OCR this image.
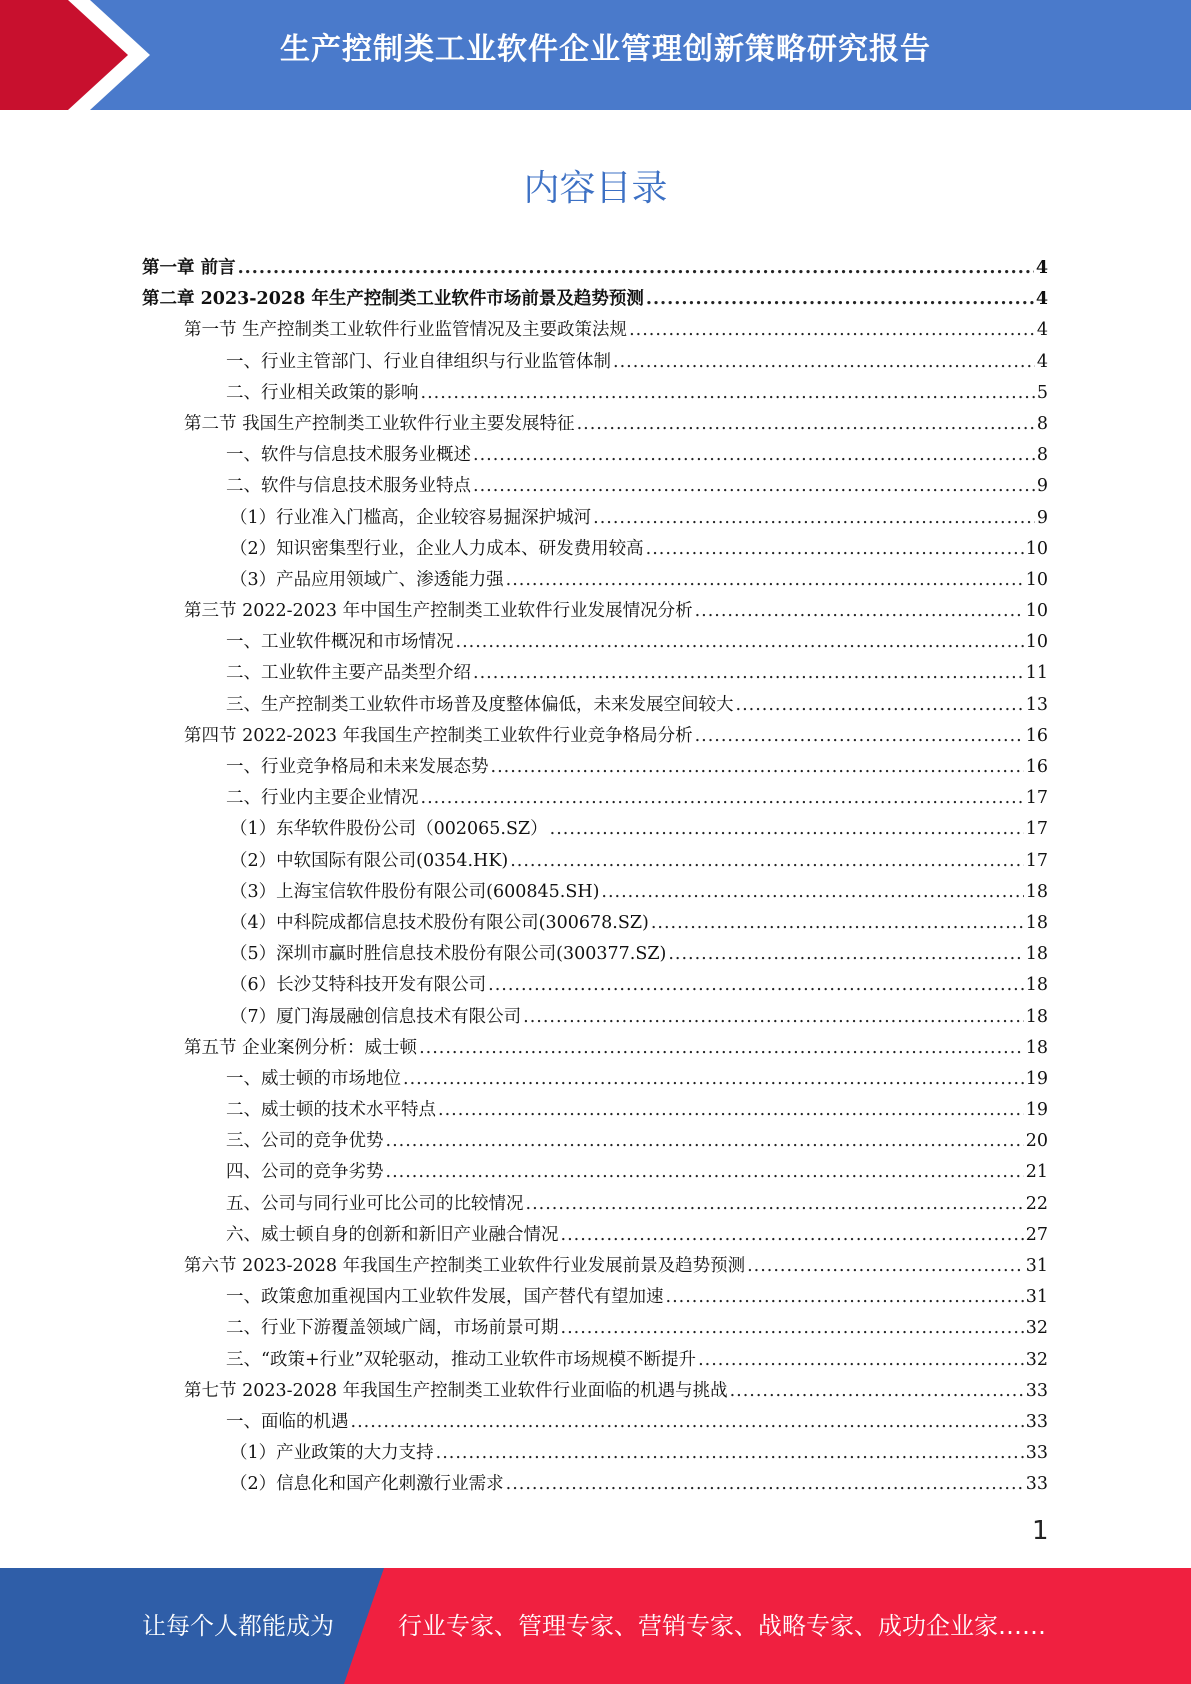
生产控制类工业软件企业管理创新策略研究报告
内容目录
第一章 前言 .....	4
第二章 2023-2028 年生产控制类工业软件市场前景及趋势预测 .....	4
第一节 生产控制类工业软件行业监管情况及主要政策法规 .....	4
一、行业主管部门、行业自律组织与行业监管体制 .....	4
二、行业相关政策的影响 .....	5
第二节 我国生产控制类工业软件行业主要发展特征 .....	8
一、软件与信息技术服务业概述 .....	8
二、软件与信息技术服务业特点 .....	9
（1）行业准入门槛高，企业较容易掘深护城河 .....	9
（2）知识密集型行业，企业人力成本、研发费用较高 .....	10
（3）产品应用领域广、渗透能力强 .....	10
第三节 2022-2023 年中国生产控制类工业软件行业发展情况分析 .....	10
一、工业软件概况和市场情况 .....	10
二、工业软件主要产品类型介绍 .....	11
三、生产控制类工业软件市场普及度整体偏低，未来发展空间较大 .....	13
第四节 2022-2023 年我国生产控制类工业软件行业竞争格局分析 .....	16
一、行业竞争格局和未来发展态势 .....	16
二、行业内主要企业情况 .....	17
（1）东华软件股份公司（002065.SZ） .....	17
（2）中软国际有限公司(0354.HK) .....	17
（3）上海宝信软件股份有限公司(600845.SH) .....	18
（4）中科院成都信息技术股份有限公司(300678.SZ) .....	18
（5）深圳市赢时胜信息技术股份有限公司(300377.SZ) .....	18
（6）长沙艾特科技开发有限公司 .....	18
（7）厦门海晟融创信息技术有限公司 .....	18
第五节 企业案例分析：威士顿 .....	18
一、威士顿的市场地位 .....	19
二、威士顿的技术水平特点 .....	19
三、公司的竞争优势 .....	20
四、公司的竞争劣势 .....	21
五、公司与同行业可比公司的比较情况 .....	22
六、威士顿自身的创新和新旧产业融合情况 .....	27
第六节 2023-2028 年我国生产控制类工业软件行业发展前景及趋势预测 .....	31
一、政策愈加重视国内工业软件发展，国产替代有望加速 .....	31
二、行业下游覆盖领域广阔，市场前景可期 .....	32
三、“政策+行业”双轮驱动，推动工业软件市场规模不断提升 .....	32
第七节 2023-2028 年我国生产控制类工业软件行业面临的机遇与挑战 .....	33
一、面临的机遇 .....	33
（1）产业政策的大力支持 .....	33
（2）信息化和国产化刺激行业需求 .....	33
1
让每个人都能成为	行业专家、管理专家、营销专家、战略专家、成功企业家……
